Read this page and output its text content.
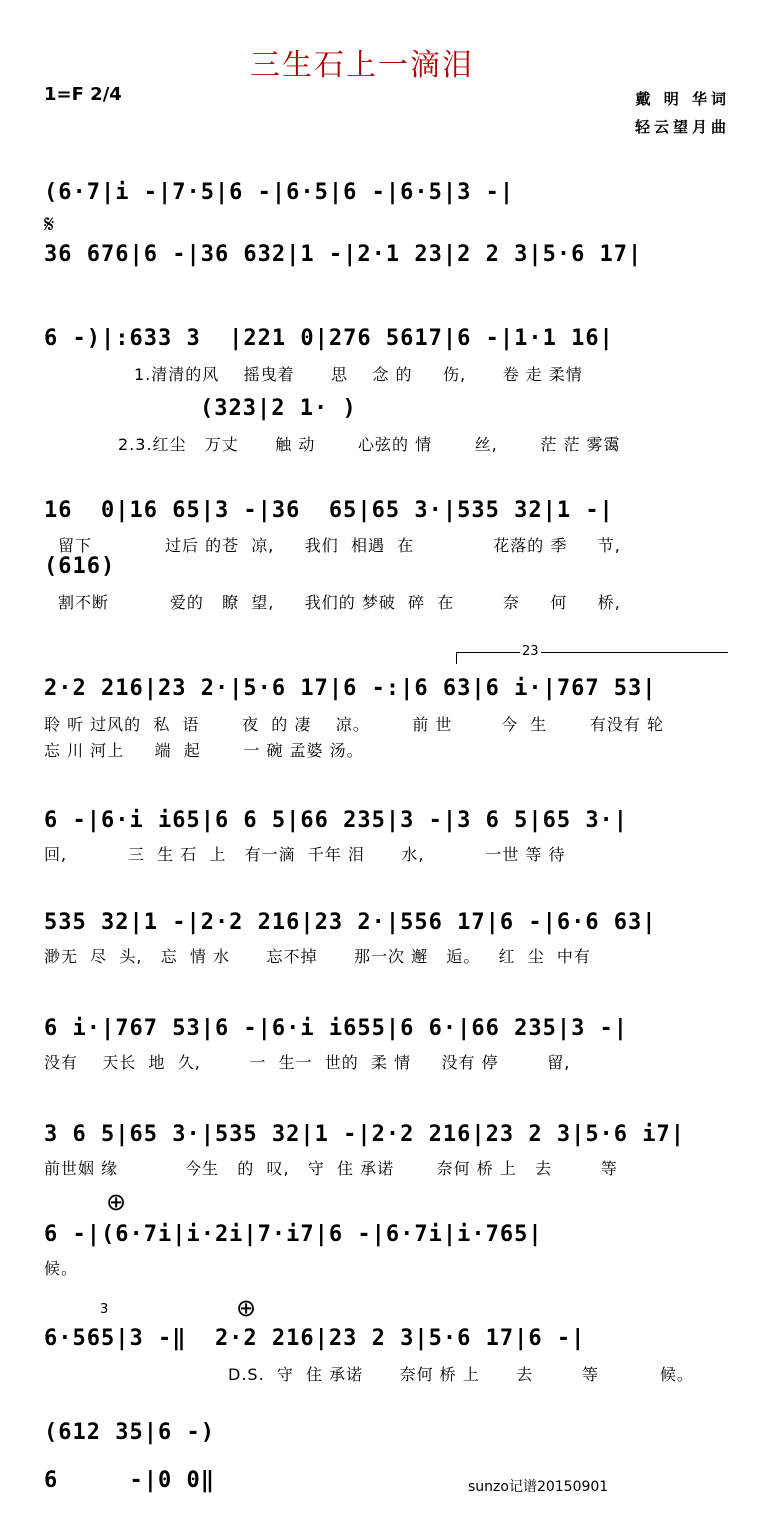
三生石上一滴泪
1=F 2/4	戴 明 华词
轻云望月曲
(6·7|i -|7·5|6 -|6·5|6 -|6·5|3 -|
𝄋
36 676|6 -|36 632|1 -|2·1 23|2 2 3|5·6 17|
6 -)|:633 3  |221 0|276 5617|6 -|1·1 16|
1.清清的风    摇曳着      思    念 的     伤,      卷 走 柔情
(323|2 1· )
2.3.红尘   万丈      触 动       心弦的 情       丝,       茫 茫 雾霭
16  0|16 65|3 -|36  65|65 3·|535 32|1 -|
留下            过后 的苍  凉,     我们  相遇  在             花落的 季     节,
(616)
割不断          爱的   瞭  望,     我们的 梦破  碎  在        奈     何     桥,
23
2·2 216|23 2·|5·6 17|6 -:|6 63|6 i·|767 53|
聆 听 过风的  私  语       夜  的 凄    凉。       前 世        今  生       有没有 轮
忘 川 河上     端  起       一 碗 孟婆 汤。
6 -|6·i i65|6 6 5|66 235|3 -|3 6 5|65 3·|
回,          三  生 石  上   有一滴  千年 泪      水,          一世 等 待
535 32|1 -|2·2 216|23 2·|556 17|6 -|6·6 63|
渺无  尽  头,   忘  情 水      忘不掉      那一次 邂   逅。   红  尘  中有
6 i·|767 53|6 -|6·i i655|6 6·|66 235|3 -|
没有    天长  地  久,        一  生一  世的  柔 情     没有 停        留,
3 6 5|65 3·|535 32|1 -|2·2 216|23 2 3|5·6 i7|
前世姻 缘           今生   的  叹,   守  住 承诺       奈何 桥 上   去        等
⊕
6 -|(6·7i|i·2i|7·i7|6 -|6·7i|i·765|
候。
3	⊕
6·565|3 -‖  2·2 216|23 2 3|5·6 17|6 -|
D.S.  守  住 承诺      奈何 桥 上      去        等          候。
(612 35|6 -)
6     -|0 0‖	sunzo记谱20150901
